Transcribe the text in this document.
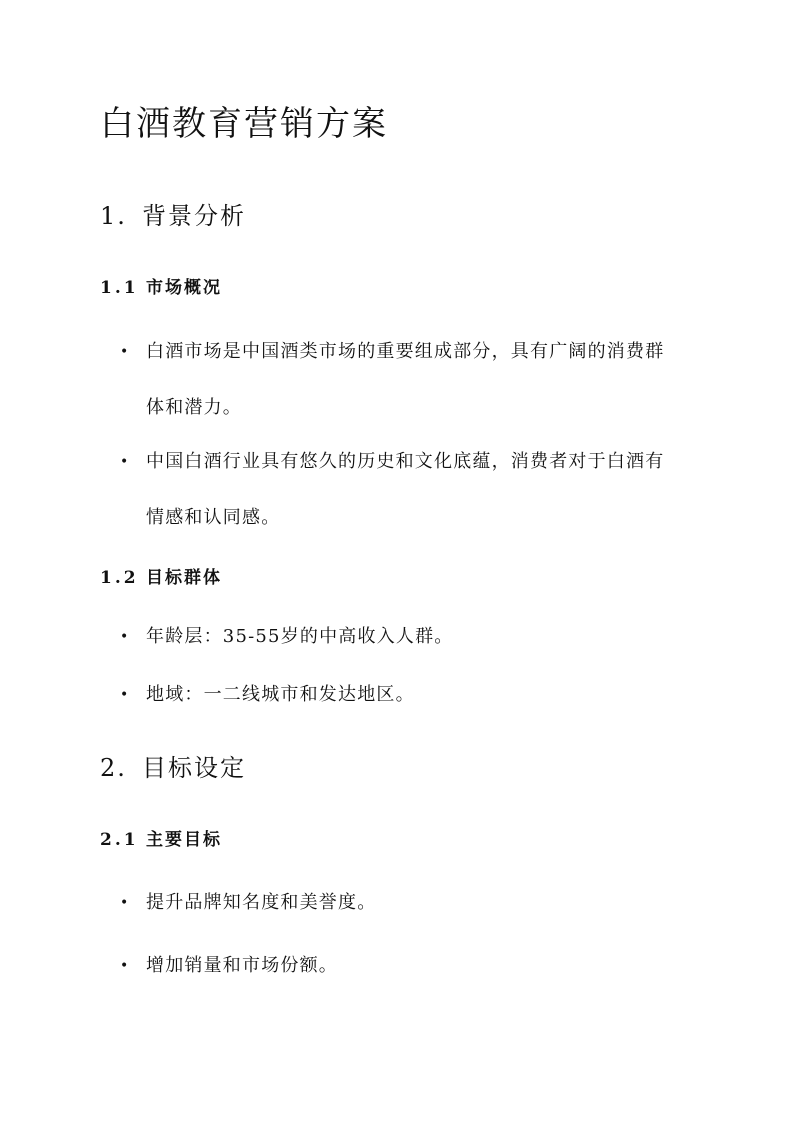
白酒教育营销方案
1. 背景分析
1.1 市场概况
• 白酒市场是中国酒类市场的重要组成部分，具有广阔的消费群体和潜力。
• 中国白酒行业具有悠久的历史和文化底蕴，消费者对于白酒有情感和认同感。
1.2 目标群体
• 年龄层：35-55岁的中高收入人群。
• 地域：一二线城市和发达地区。
2. 目标设定
2.1 主要目标
• 提升品牌知名度和美誉度。
• 增加销量和市场份额。
